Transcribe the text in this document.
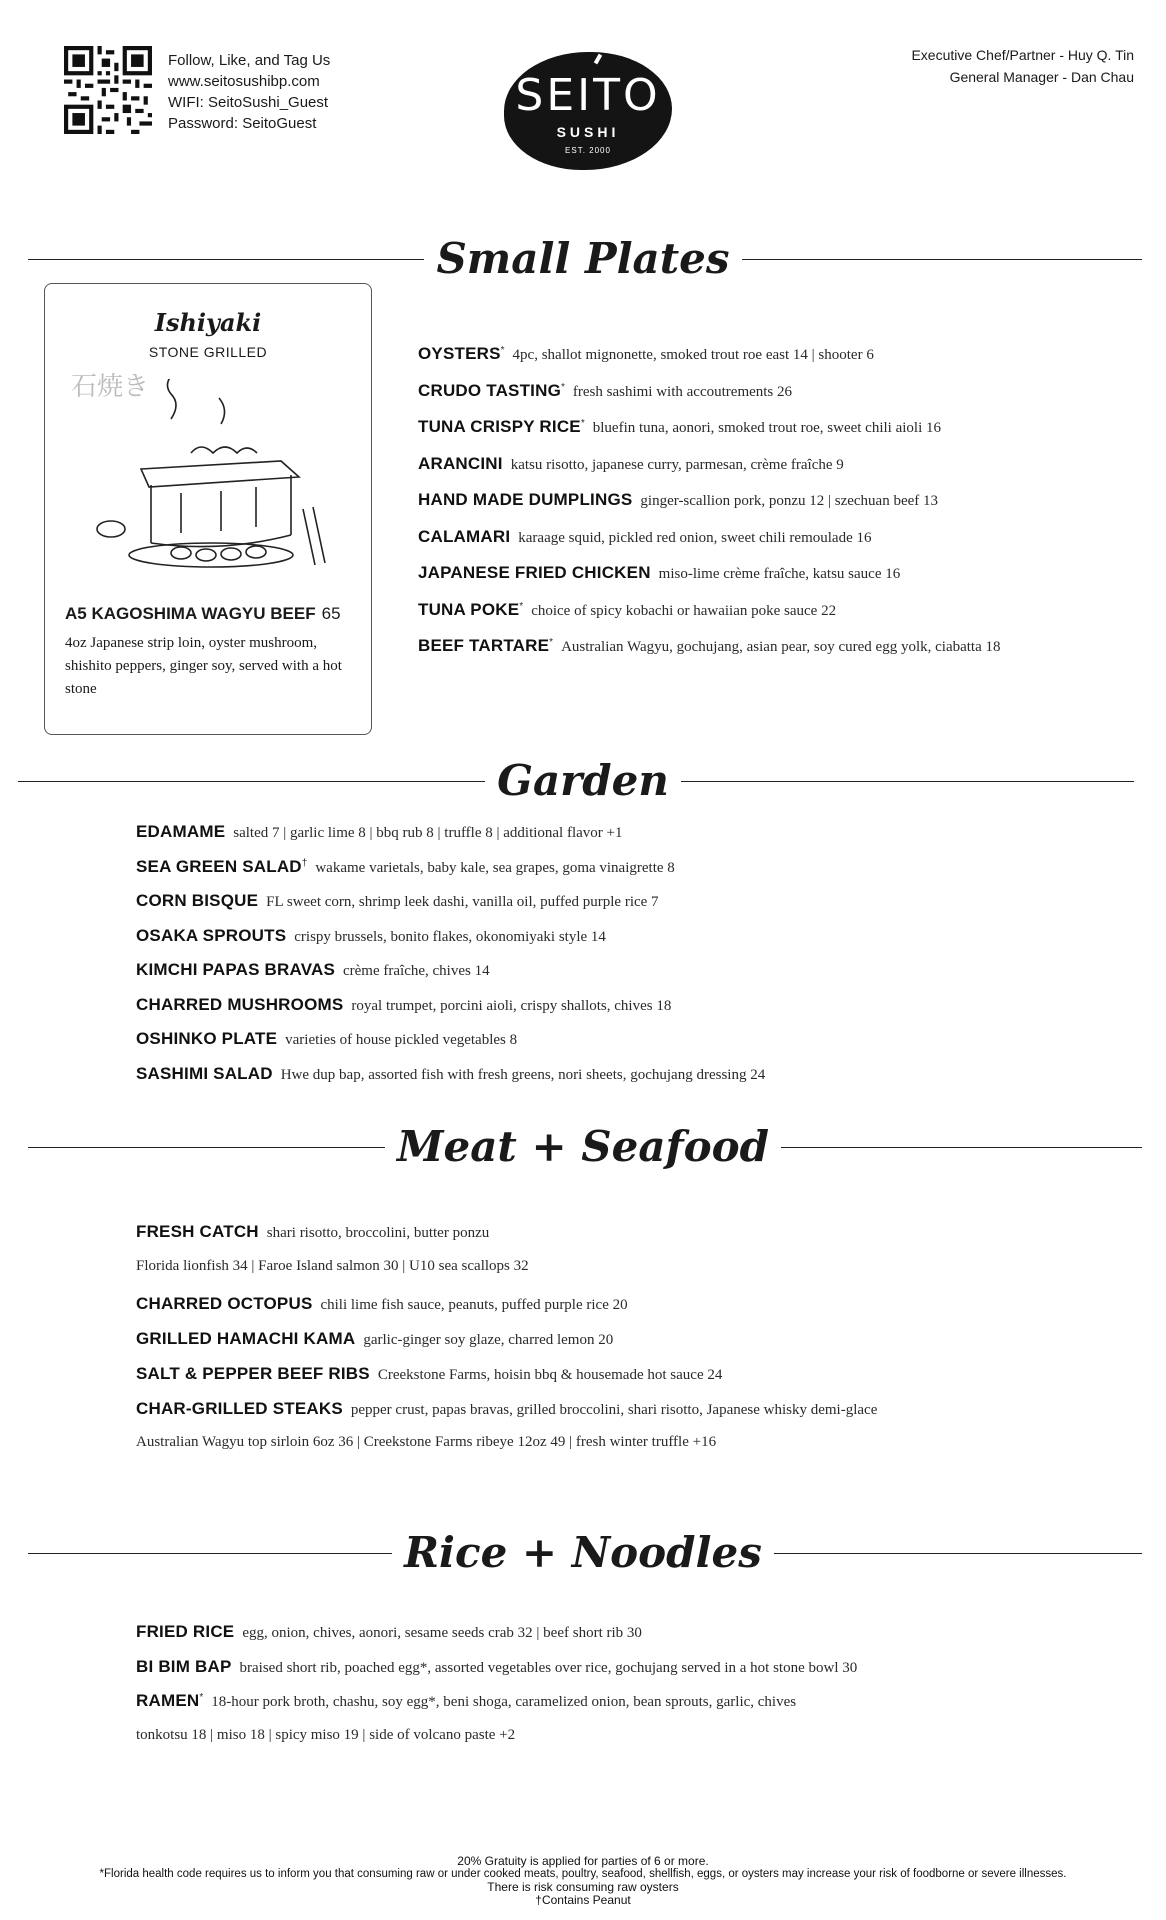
Follow, Like, and Tag Us
www.seitosushibp.com
WIFI: SeitoSushi_Guest
Password: SeitoGuest
SEITO
SUSHI
EST. 2000
Executive Chef/Partner - Huy Q. Tin
General Manager - Dan Chau
Small Plates
Ishiyaki
STONE GRILLED
石焼き
A5 KAGOSHIMA WAGYU BEEF 65
4oz Japanese strip loin, oyster mushroom, shishito peppers, ginger soy, served with a hot stone
OYSTERS* 4pc, shallot mignonette, smoked trout roe east 14 | shooter 6
CRUDO TASTING* fresh sashimi with accoutrements 26
TUNA CRISPY RICE* bluefin tuna, aonori, smoked trout roe, sweet chili aioli 16
ARANCINI katsu risotto, japanese curry, parmesan, crème fraîche 9
HAND MADE DUMPLINGS ginger-scallion pork, ponzu 12 | szechuan beef 13
CALAMARI karaage squid, pickled red onion, sweet chili remoulade 16
JAPANESE FRIED CHICKEN miso-lime crème fraîche, katsu sauce 16
TUNA POKE* choice of spicy kobachi or hawaiian poke sauce 22
BEEF TARTARE* Australian Wagyu, gochujang, asian pear, soy cured egg yolk, ciabatta 18
Garden
EDAMAME salted 7 | garlic lime 8 | bbq rub 8 | truffle 8 | additional flavor +1
SEA GREEN SALAD† wakame varietals, baby kale, sea grapes, goma vinaigrette 8
CORN BISQUE FL sweet corn, shrimp leek dashi, vanilla oil, puffed purple rice 7
OSAKA SPROUTS crispy brussels, bonito flakes, okonomiyaki style 14
KIMCHI PAPAS BRAVAS crème fraîche, chives 14
CHARRED MUSHROOMS royal trumpet, porcini aioli, crispy shallots, chives 18
OSHINKO PLATE varieties of house pickled vegetables 8
SASHIMI SALAD Hwe dup bap, assorted fish with fresh greens, nori sheets, gochujang dressing 24
Meat + Seafood
FRESH CATCH shari risotto, broccolini, butter ponzu
Florida lionfish 34 | Faroe Island salmon 30 | U10 sea scallops 32
CHARRED OCTOPUS chili lime fish sauce, peanuts, puffed purple rice 20
GRILLED HAMACHI KAMA garlic-ginger soy glaze, charred lemon 20
SALT & PEPPER BEEF RIBS Creekstone Farms, hoisin bbq & housemade hot sauce 24
CHAR-GRILLED STEAKS pepper crust, papas bravas, grilled broccolini, shari risotto, Japanese whisky demi-glace
Australian Wagyu top sirloin 6oz 36 | Creekstone Farms ribeye 12oz 49 | fresh winter truffle +16
Rice + Noodles
FRIED RICE egg, onion, chives, aonori, sesame seeds crab 32 | beef short rib 30
BI BIM BAP braised short rib, poached egg*, assorted vegetables over rice, gochujang served in a hot stone bowl 30
RAMEN* 18-hour pork broth, chashu, soy egg*, beni shoga, caramelized onion, bean sprouts, garlic, chives
tonkotsu 18 | miso 18 | spicy miso 19 | side of volcano paste +2
20% Gratuity is applied for parties of 6 or more.
*Florida health code requires us to inform you that consuming raw or under cooked meats, poultry, seafood, shellfish, eggs, or oysters may increase your risk of foodborne or severe illnesses.
There is risk consuming raw oysters
†Contains Peanut
